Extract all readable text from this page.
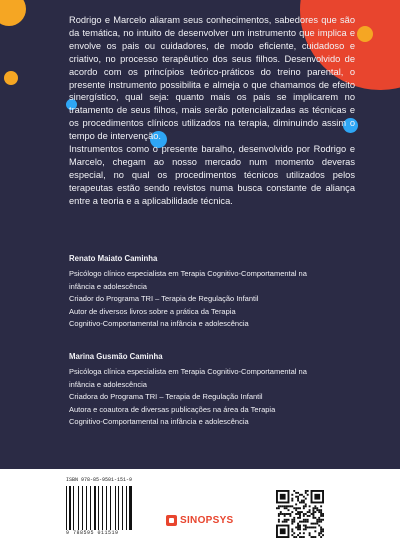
Rodrigo e Marcelo aliaram seus conhecimentos, sabedores que são da temática, no intuito de desenvolver um instrumento que implica e envolve os pais ou cuidadores, de modo eficiente, cuidadoso e criativo, no processo terapêutico dos seus filhos. Desenvolvido de acordo com os princípios teórico-práticos do treino parental, o presente instrumento possibilita e almeja o que chamamos de efeito sinergístico, qual seja: quanto mais os pais se implicarem no tratamento de seus filhos, mais serão potencializadas as técnicas e os procedimentos clínicos utilizados na terapia, diminuindo assim o tempo de intervenção.

Instrumentos como o presente baralho, desenvolvido por Rodrigo e Marcelo, chegam ao nosso mercado num momento deveras especial, no qual os procedimentos técnicos utilizados pelos terapeutas estão sendo revistos numa busca constante de aliança entre a teoria e a aplicabilidade técnica.

Renato Maiato Caminha
Psicólogo clínico especialista em Terapia Cognitivo-Comportamental na
infância e adolescência
Criador do Programa TRI – Terapia de Regulação Infantil
Autor de diversos livros sobre a prática da Terapia
Cognitivo-Comportamental na infância e adolescência
Marina Gusmão Caminha
Psicóloga clínica especialista em Terapia Cognitivo-Comportamental na
infância e adolescência
Criadora do Programa TRI – Terapia de Regulação Infantil
Autora e coautora de diversas publicações na área da Terapia
Cognitivo-Comportamental na infância e adolescência
ISBN 978-85-9501-151-9
9 788595 011519
SINOPSYS
